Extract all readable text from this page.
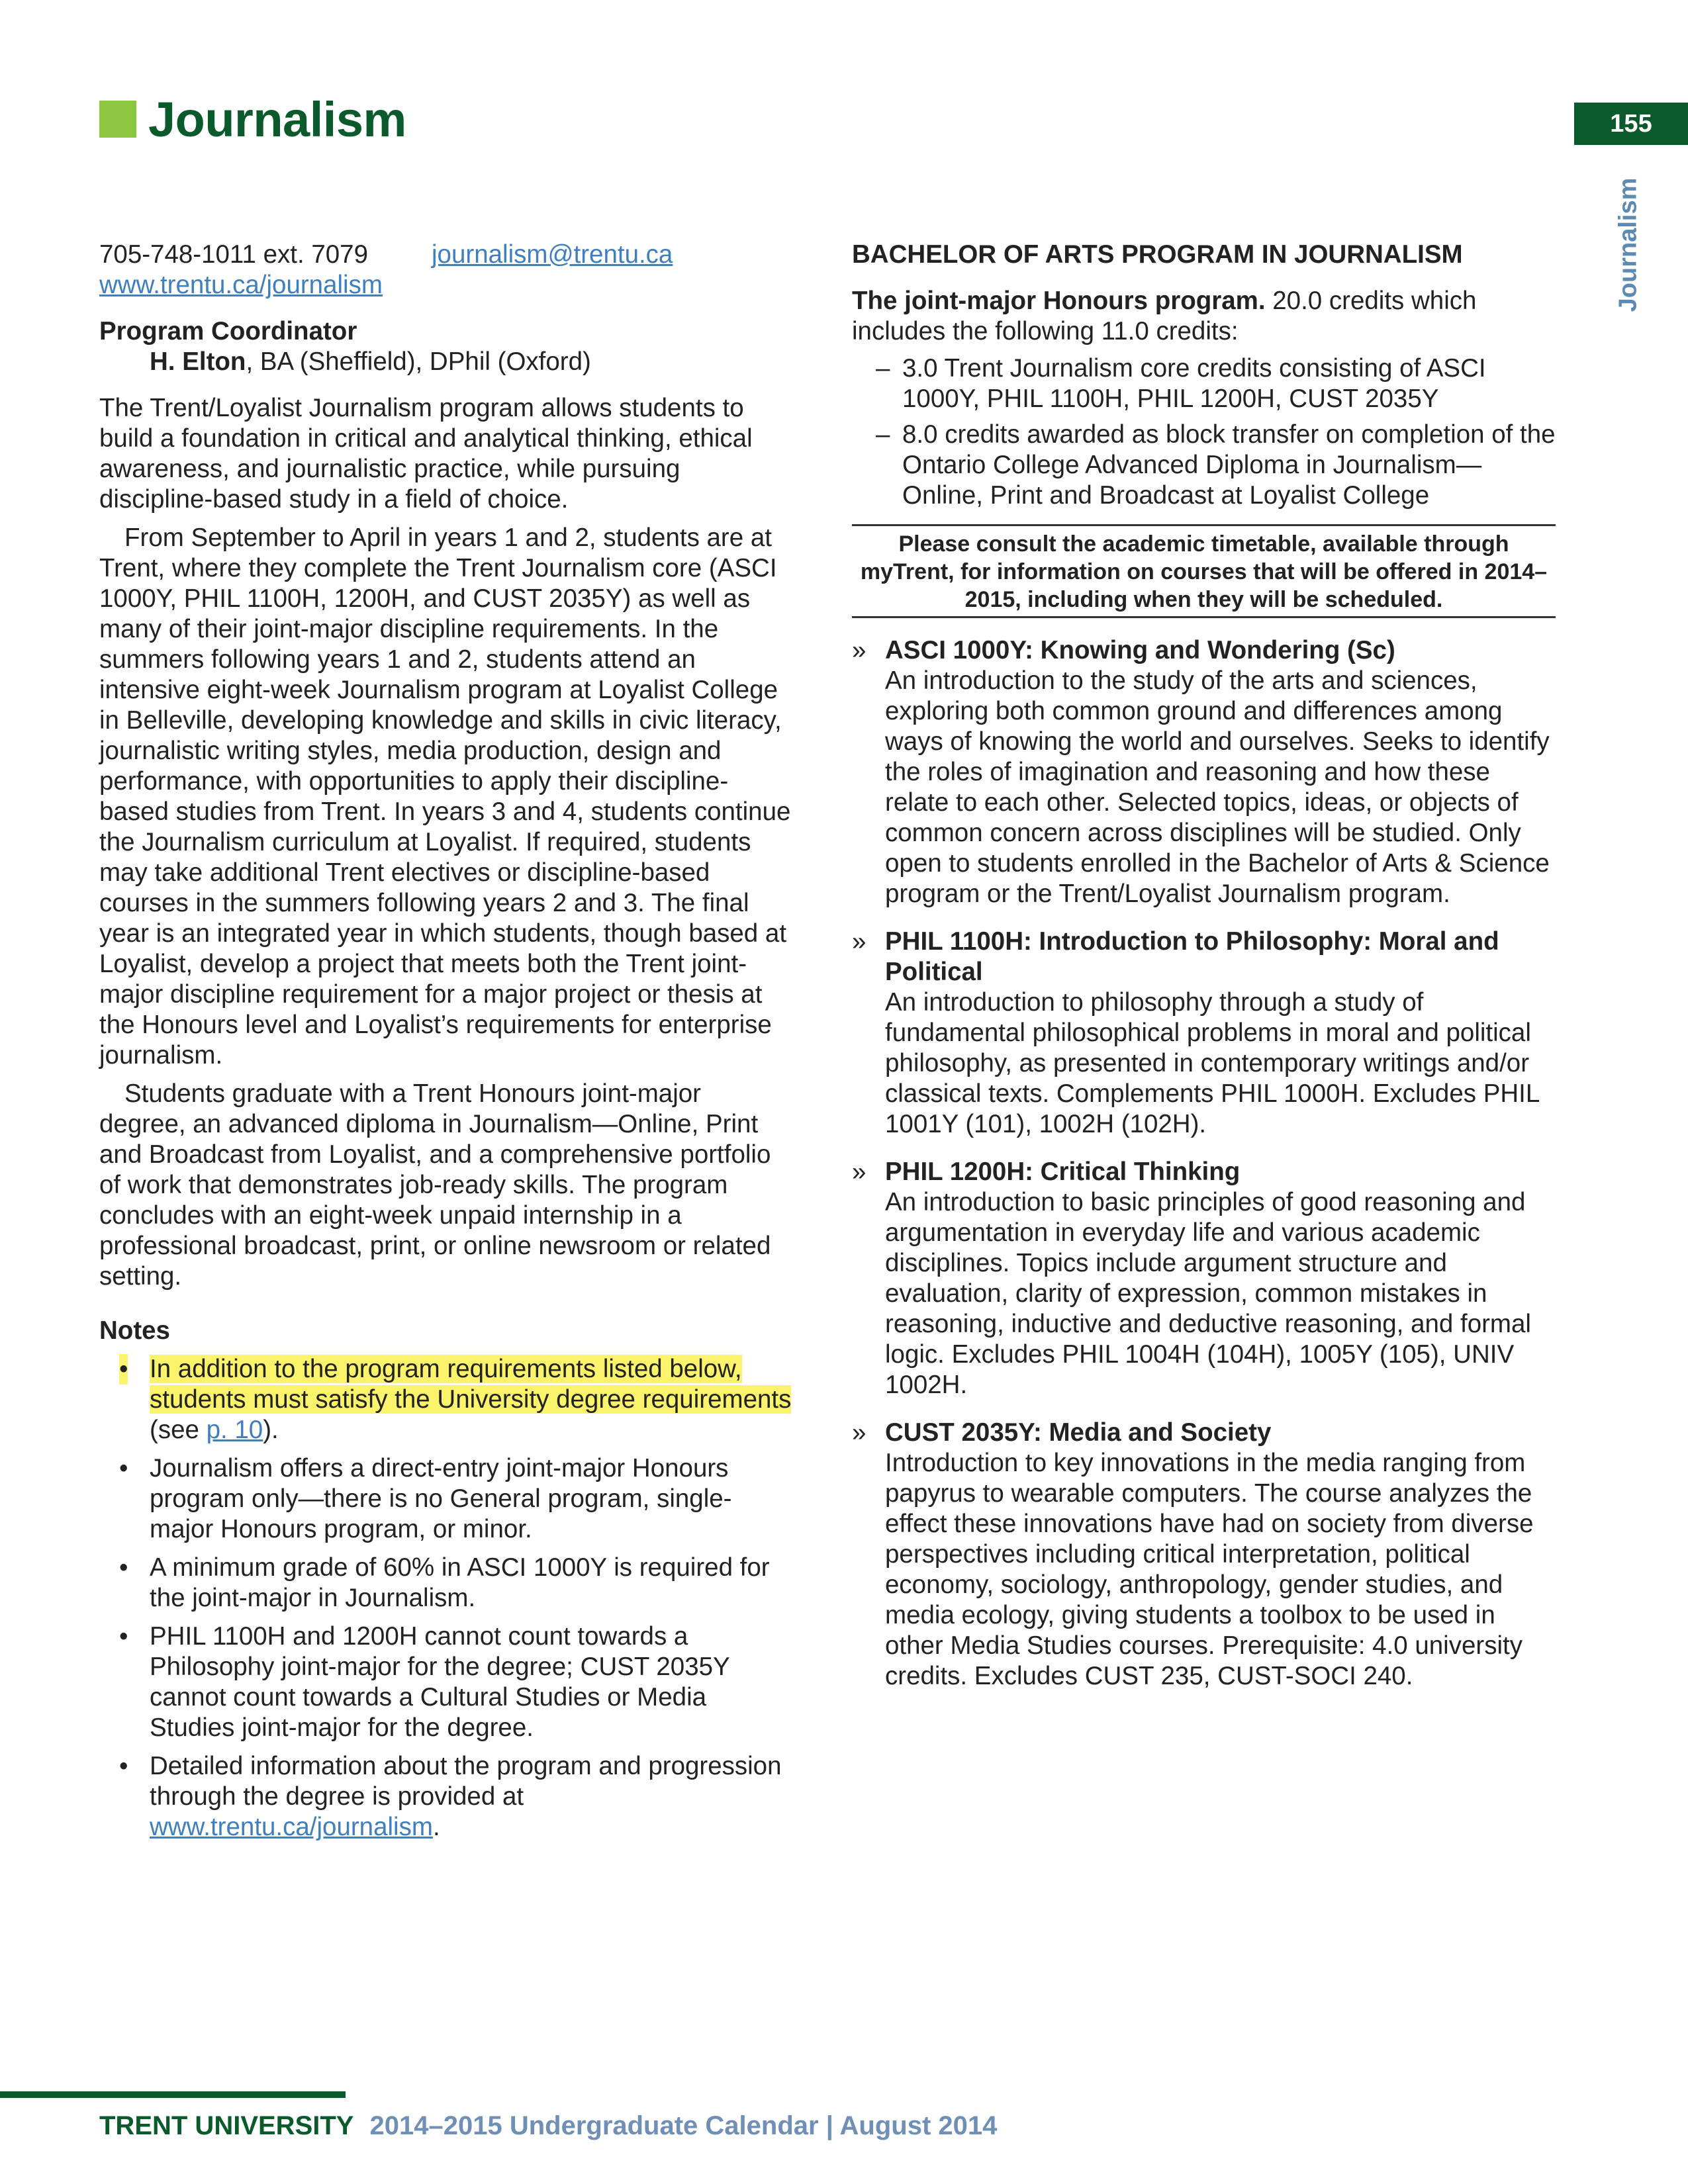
Journalism	155
Journalism
705-748-1011 ext. 7079	journalism@trentu.ca
www.trentu.ca/journalism

Program Coordinator

H. Elton, BA (Sheffield), DPhil (Oxford)

The Trent/Loyalist Journalism program allows students to build a foundation in critical and analytical thinking, ethical awareness, and journalistic practice, while pursuing discipline-based study in a field of choice.

From September to April in years 1 and 2, students are at Trent, where they complete the Trent Journalism core (ASCI 1000Y, PHIL 1100H, 1200H, and CUST 2035Y) as well as many of their joint-major discipline requirements. In the summers following years 1 and 2, students attend an intensive eight-week Journalism program at Loyalist College in Belleville, developing knowledge and skills in civic literacy, journalistic writing styles, media production, design and performance, with opportunities to apply their discipline-based studies from Trent. In years 3 and 4, students continue the Journalism curriculum at Loyalist. If required, students may take additional Trent electives or discipline-based courses in the summers following years 2 and 3. The final year is an integrated year in which students, though based at Loyalist, develop a project that meets both the Trent joint-major discipline requirement for a major project or thesis at the Honours level and Loyalist’s requirements for enterprise journalism.

Students graduate with a Trent Honours joint-major degree, an advanced diploma in Journalism—Online, Print and Broadcast from Loyalist, and a comprehensive portfolio of work that demonstrates job-ready skills. The program concludes with an eight-week unpaid internship in a professional broadcast, print, or online newsroom or related setting.

Notes

• In addition to the program requirements listed below, students must satisfy the University degree requirements (see p. 10).
• Journalism offers a direct-entry joint-major Honours program only—there is no General program, single-major Honours program, or minor.
• A minimum grade of 60% in ASCI 1000Y is required for the joint-major in Journalism.
• PHIL 1100H and 1200H cannot count towards a Philosophy joint-major for the degree; CUST 2035Y cannot count towards a Cultural Studies or Media Studies joint-major for the degree.
• Detailed information about the program and progression through the degree is provided at www.trentu.ca/journalism.

BACHELOR OF ARTS PROGRAM IN JOURNALISM

The joint-major Honours program. 20.0 credits which includes the following 11.0 credits:

– 3.0 Trent Journalism core credits consisting of ASCI 1000Y, PHIL 1100H, PHIL 1200H, CUST 2035Y
– 8.0 credits awarded as block transfer on completion of the Ontario College Advanced Diploma in Journalism—Online, Print and Broadcast at Loyalist College
Please consult the academic timetable, available through myTrent, for information on courses that will be offered in 2014–2015, including when they will be scheduled.
» ASCI 1000Y: Knowing and Wondering (Sc)
An introduction to the study of the arts and sciences, exploring both common ground and differences among ways of knowing the world and ourselves. Seeks to identify the roles of imagination and reasoning and how these relate to each other. Selected topics, ideas, or objects of common concern across disciplines will be studied. Only open to students enrolled in the Bachelor of Arts & Science program or the Trent/Loyalist Journalism program.
» PHIL 1100H: Introduction to Philosophy: Moral and Political
An introduction to philosophy through a study of fundamental philosophical problems in moral and political philosophy, as presented in contemporary writings and/or classical texts. Complements PHIL 1000H. Excludes PHIL 1001Y (101), 1002H (102H).
» PHIL 1200H: Critical Thinking
An introduction to basic principles of good reasoning and argumentation in everyday life and various academic disciplines. Topics include argument structure and evaluation, clarity of expression, common mistakes in reasoning, inductive and deductive reasoning, and formal logic. Excludes PHIL 1004H (104H), 1005Y (105), UNIV 1002H.
» CUST 2035Y: Media and Society
Introduction to key innovations in the media ranging from papyrus to wearable computers. The course analyzes the effect these innovations have had on society from diverse perspectives including critical interpretation, political economy, sociology, anthropology, gender studies, and media ecology, giving students a toolbox to be used in other Media Studies courses. Prerequisite: 4.0 university credits. Excludes CUST 235, CUST-SOCI 240.
TRENT UNIVERSITY 2014–2015 Undergraduate Calendar | August 2014
